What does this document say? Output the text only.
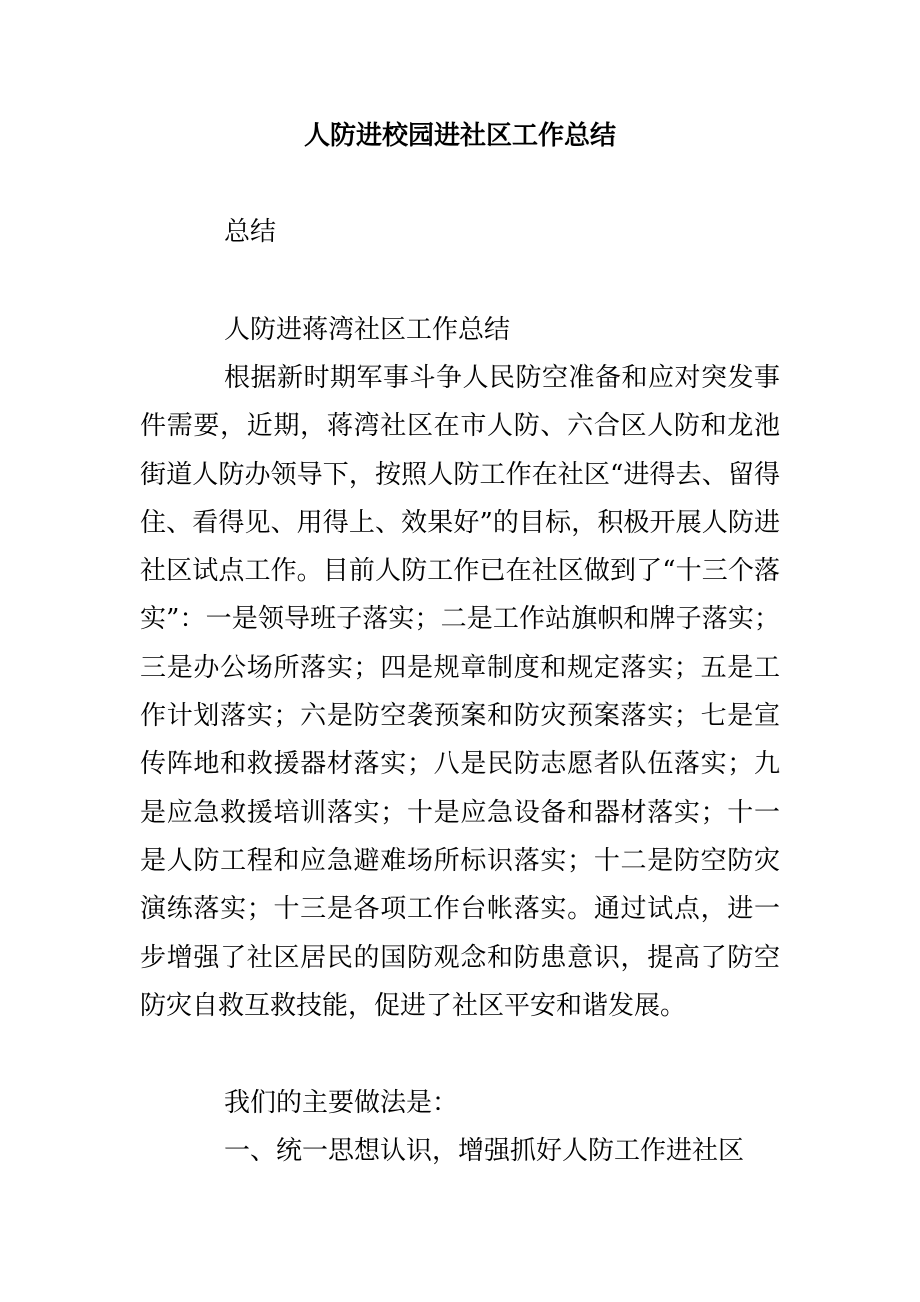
人防进校园进社区工作总结

总结

人防进蒋湾社区工作总结

根据新时期军事斗争人民防空准备和应对突发事件需要，近期，蒋湾社区在市人防、六合区人防和龙池街道人防办领导下，按照人防工作在社区“进得去、留得住、看得见、用得上、效果好”的目标，积极开展人防进社区试点工作。目前人防工作已在社区做到了“十三个落实”：一是领导班子落实；二是工作站旗帜和牌子落实；三是办公场所落实；四是规章制度和规定落实；五是工作计划落实；六是防空袭预案和防灾预案落实；七是宣传阵地和救援器材落实；八是民防志愿者队伍落实；九是应急救援培训落实；十是应急设备和器材落实；十一是人防工程和应急避难场所标识落实；十二是防空防灾演练落实；十三是各项工作台帐落实。通过试点，进一步增强了社区居民的国防观念和防患意识，提高了防空防灾自救互救技能，促进了社区平安和谐发展。

我们的主要做法是：

一、统一思想认识，增强抓好人防工作进社区
